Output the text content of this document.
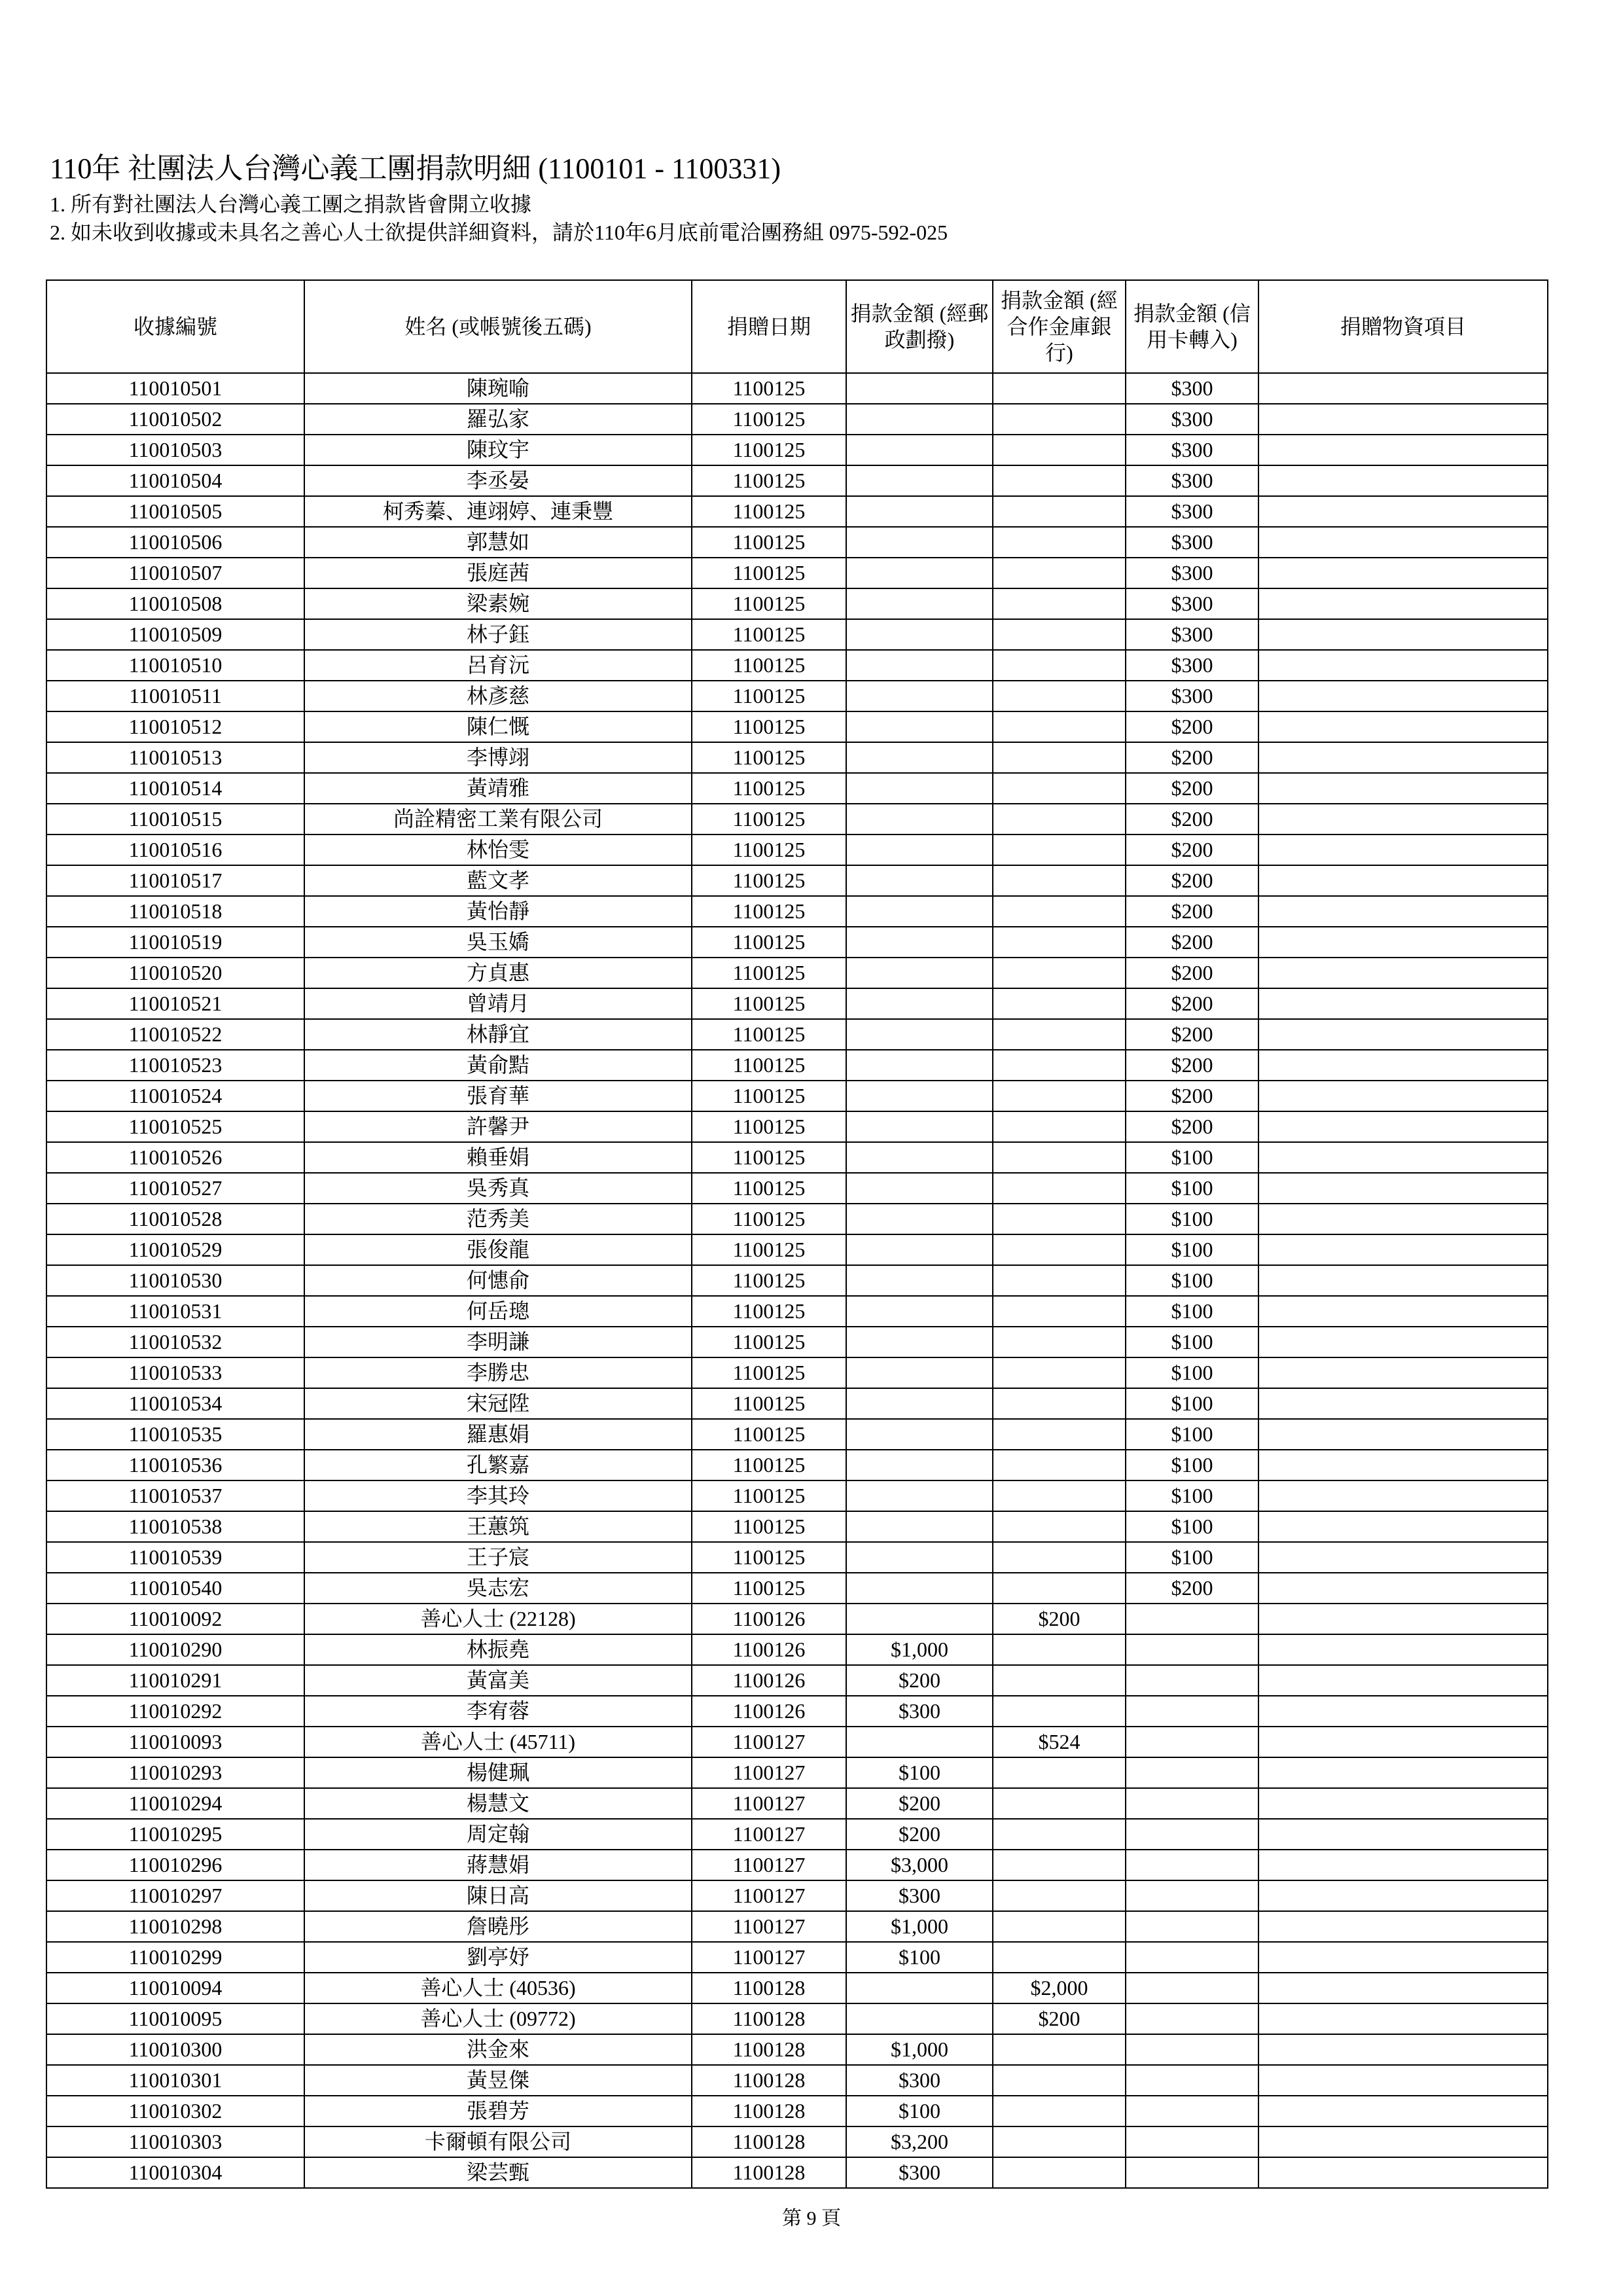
110年 社團法人台灣心義工團捐款明細 (1100101 - 1100331)
1. 所有對社團法人台灣心義工團之捐款皆會開立收據
2. 如未收到收據或未具名之善心人士欲提供詳細資料，請於110年6月底前電洽團務組 0975-592-025
收據編號	姓名 (或帳號後五碼)	捐贈日期	捐款金額 (經郵政劃撥)	捐款金額 (經合作金庫銀行)	捐款金額 (信用卡轉入)	捐贈物資項目
110010501	陳琬喻	1100125			$300	
110010502	羅弘家	1100125			$300	
110010503	陳玟宇	1100125			$300	
110010504	李丞晏	1100125			$300	
110010505	柯秀蓁、連翊婷、連秉豐	1100125			$300	
110010506	郭慧如	1100125			$300	
110010507	張庭茜	1100125			$300	
110010508	梁素婉	1100125			$300	
110010509	林子鈺	1100125			$300	
110010510	呂育沅	1100125			$300	
110010511	林彥慈	1100125			$300	
110010512	陳仁慨	1100125			$200	
110010513	李博翊	1100125			$200	
110010514	黃靖雅	1100125			$200	
110010515	尚詮精密工業有限公司	1100125			$200	
110010516	林怡雯	1100125			$200	
110010517	藍文孝	1100125			$200	
110010518	黃怡靜	1100125			$200	
110010519	吳玉嬌	1100125			$200	
110010520	方貞惠	1100125			$200	
110010521	曾靖月	1100125			$200	
110010522	林靜宜	1100125			$200	
110010523	黃俞黠	1100125			$200	
110010524	張育華	1100125			$200	
110010525	許馨尹	1100125			$200	
110010526	賴垂娟	1100125			$100	
110010527	吳秀真	1100125			$100	
110010528	范秀美	1100125			$100	
110010529	張俊龍	1100125			$100	
110010530	何憓俞	1100125			$100	
110010531	何岳璁	1100125			$100	
110010532	李明謙	1100125			$100	
110010533	李勝忠	1100125			$100	
110010534	宋冠陞	1100125			$100	
110010535	羅惠娟	1100125			$100	
110010536	孔繁嘉	1100125			$100	
110010537	李其玲	1100125			$100	
110010538	王蕙筑	1100125			$100	
110010539	王子宸	1100125			$100	
110010540	吳志宏	1100125			$200	
110010092	善心人士 (22128)	1100126		$200		
110010290	林振堯	1100126	$1,000			
110010291	黃富美	1100126	$200			
110010292	李宥蓉	1100126	$300			
110010093	善心人士 (45711)	1100127		$524		
110010293	楊健珮	1100127	$100			
110010294	楊慧文	1100127	$200			
110010295	周定翰	1100127	$200			
110010296	蔣慧娟	1100127	$3,000			
110010297	陳日高	1100127	$300			
110010298	詹曉彤	1100127	$1,000			
110010299	劉亭妤	1100127	$100			
110010094	善心人士 (40536)	1100128		$2,000		
110010095	善心人士 (09772)	1100128		$200		
110010300	洪金來	1100128	$1,000			
110010301	黃昱傑	1100128	$300			
110010302	張碧芳	1100128	$100			
110010303	卡爾頓有限公司	1100128	$3,200			
110010304	梁芸甄	1100128	$300			
第 9 頁
